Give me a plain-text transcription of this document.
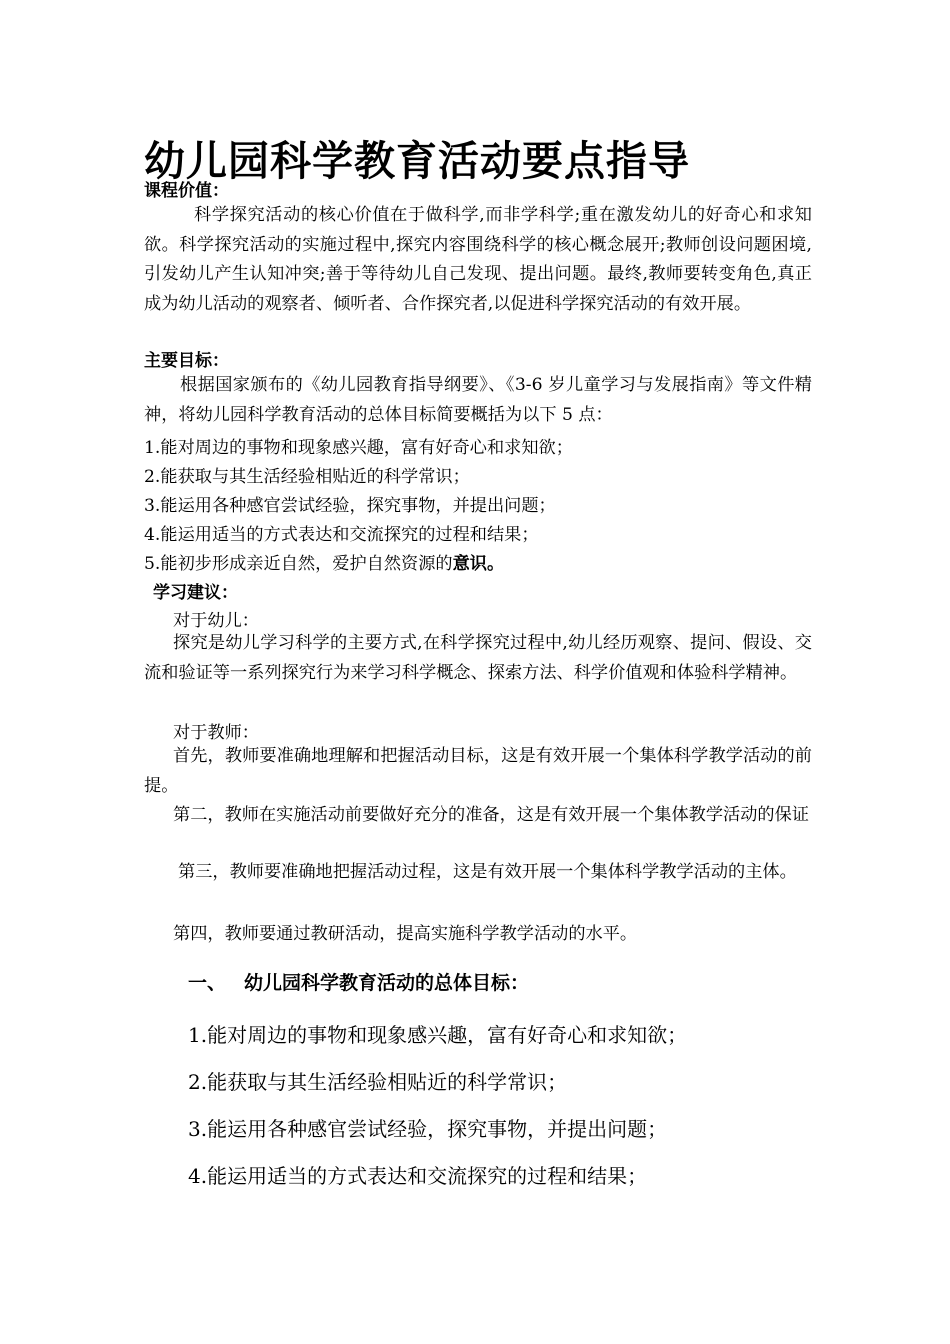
幼儿园科学教育活动要点指导
课程价值：
科学探究活动的核心价值在于做科学,而非学科学;重在激发幼儿的好奇心和求知欲。科学探究活动的实施过程中,探究内容围绕科学的核心概念展开;教师创设问题困境,引发幼儿产生认知冲突;善于等待幼儿自己发现、提出问题。最终,教师要转变角色,真正成为幼儿活动的观察者、倾听者、合作探究者,以促进科学探究活动的有效开展。
主要目标：
根据国家颁布的《幼儿园教育指导纲要》、《3-6 岁儿童学习与发展指南》等文件精神，将幼儿园科学教育活动的总体目标简要概括为以下 5 点：
1.能对周边的事物和现象感兴趣，富有好奇心和求知欲；
2.能获取与其生活经验相贴近的科学常识；
3.能运用各种感官尝试经验，探究事物，并提出问题；
4.能运用适当的方式表达和交流探究的过程和结果；
5.能初步形成亲近自然，爱护自然资源的意识。
学习建议：
对于幼儿：
探究是幼儿学习科学的主要方式,在科学探究过程中,幼儿经历观察、提问、假设、交流和验证等一系列探究行为来学习科学概念、探索方法、科学价值观和体验科学精神。
对于教师：
首先，教师要准确地理解和把握活动目标，这是有效开展一个集体科学教学活动的前提。
第二，教师在实施活动前要做好充分的准备，这是有效开展一个集体教学活动的保证
第三，教师要准确地把握活动过程，这是有效开展一个集体科学教学活动的主体。
第四，教师要通过教研活动，提高实施科学教学活动的水平。
一、 幼儿园科学教育活动的总体目标：
1.能对周边的事物和现象感兴趣，富有好奇心和求知欲；
2.能获取与其生活经验相贴近的科学常识；
3.能运用各种感官尝试经验，探究事物，并提出问题；
4.能运用适当的方式表达和交流探究的过程和结果；
